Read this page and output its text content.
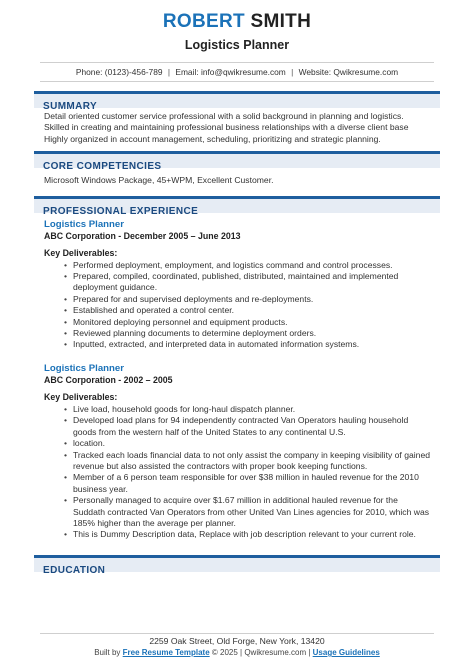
ROBERT SMITH
Logistics Planner
Phone: (0123)-456-789 | Email: info@qwikresume.com | Website: Qwikresume.com
SUMMARY

Detail oriented customer service professional with a solid background in planning and logistics. Skilled in creating and maintaining professional business relationships with a diverse client base Highly organized in account management, scheduling, prioritizing and strategic planning.

CORE COMPETENCIES

Microsoft Windows Package, 45+WPM, Excellent Customer.

PROFESSIONAL EXPERIENCE
Logistics Planner
ABC Corporation - December 2005 – June 2013
Key Deliverables:
• Performed deployment, employment, and logistics command and control processes.
• Prepared, compiled, coordinated, published, distributed, maintained and implemented deployment guidance.
• Prepared for and supervised deployments and re-deployments.
• Established and operated a control center.
• Monitored deploying personnel and equipment products.
• Reviewed planning documents to determine deployment orders.
• Inputted, extracted, and interpreted data in automated information systems.
Logistics Planner
ABC Corporation - 2002 – 2005
Key Deliverables:
• Live load, household goods for long-haul dispatch planner.
• Developed load plans for 94 independently contracted Van Operators hauling household goods from the western half of the United States to any continental U.S.
• location.
• Tracked each loads financial data to not only assist the company in keeping visibility of gained revenue but also assisted the contractors with proper book keeping functions.
• Member of a 6 person team responsible for over $38 million in hauled revenue for the 2010 business year.
• Personally managed to acquire over $1.67 million in additional hauled revenue for the Suddath contracted Van Operators from other United Van Lines agencies for 2010, which was 185% higher than the average per planner.
• This is Dummy Description data, Replace with job description relevant to your current role.
EDUCATION
2259 Oak Street, Old Forge, New York, 13420
Built by Free Resume Template © 2025 | Qwikresume.com | Usage Guidelines
